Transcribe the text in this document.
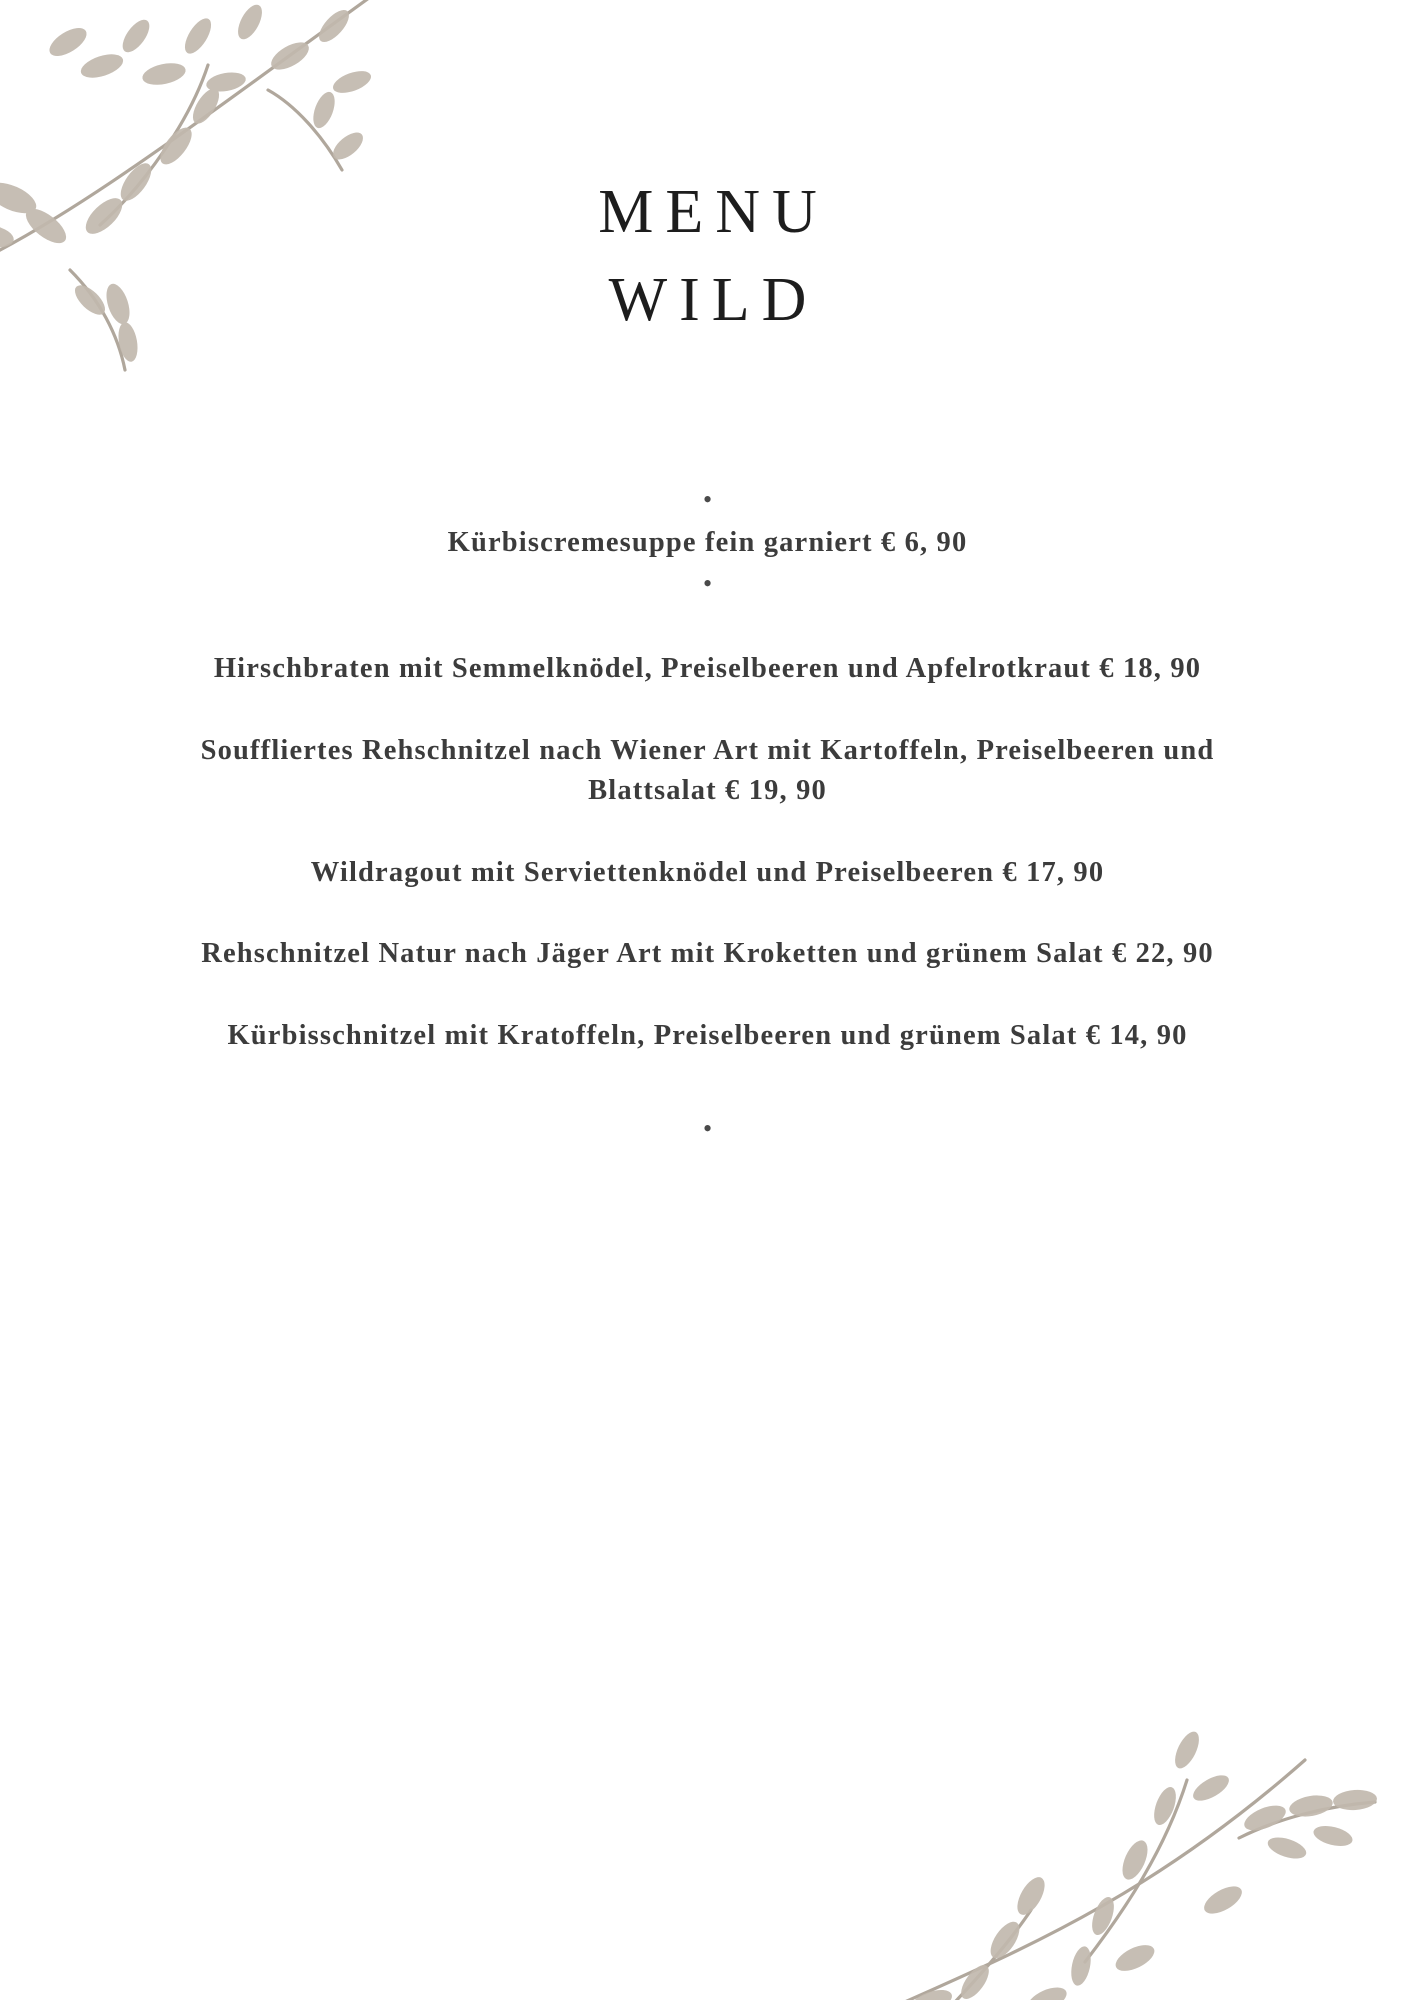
MENU
WILD
•
Kürbiscremesuppe fein garniert € 6, 90
•
Hirschbraten mit Semmelknödel, Preiselbeeren und Apfelrotkraut € 18, 90
Souffliertes Rehschnitzel nach Wiener Art mit Kartoffeln, Preiselbeeren und Blattsalat € 19, 90
Wildragout mit Serviettenknödel und Preiselbeeren € 17, 90
Rehschnitzel Natur nach Jäger Art mit Kroketten und grünem Salat € 22, 90
Kürbisschnitzel mit Kratoffeln, Preiselbeeren und grünem Salat € 14, 90
•
